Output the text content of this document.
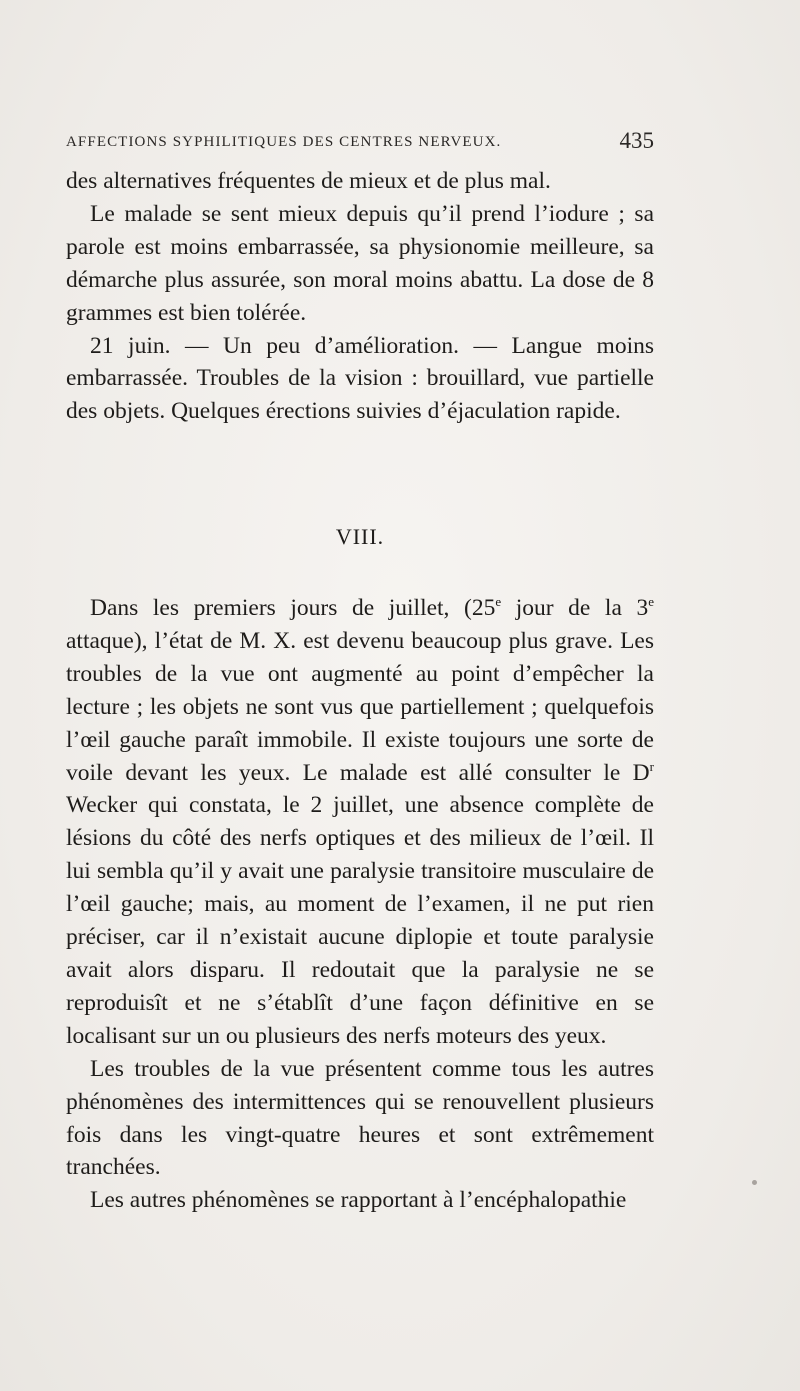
AFFECTIONS SYPHILITIQUES DES CENTRES NERVEUX.	435

des alternatives fréquentes de mieux et de plus mal.

Le malade se sent mieux depuis qu’il prend l’iodure ; sa parole est moins embarrassée, sa physionomie meilleure, sa démarche plus assurée, son moral moins abattu. La dose de 8 grammes est bien tolérée.

21 juin. — Un peu d’amélioration. — Langue moins embarrassée. Troubles de la vision : brouillard, vue partielle des objets. Quelques érections suivies d’éjaculation rapide.

VIII.

Dans les premiers jours de juillet, (25e jour de la 3e attaque), l’état de M. X. est devenu beaucoup plus grave. Les troubles de la vue ont augmenté au point d’empêcher la lecture ; les objets ne sont vus que partiellement ; quelquefois l’œil gauche paraît immobile. Il existe toujours une sorte de voile devant les yeux. Le malade est allé consulter le $D^r$ Wecker qui constata, le 2 juillet, une absence complète de lésions du côté des nerfs optiques et des milieux de l’œil. Il lui sembla qu’il y avait une paralysie transitoire musculaire de l’œil gauche; mais, au moment de l’examen, il ne put rien préciser, car il n’existait aucune diplopie et toute paralysie avait alors disparu. Il redoutait que la paralysie ne se reproduisît et ne s’établît d’une façon définitive en se localisant sur un ou plusieurs des nerfs moteurs des yeux.

Les troubles de la vue présentent comme tous les autres phénomènes des intermittences qui se renouvellent plusieurs fois dans les vingt-quatre heures et sont extrêmement tranchées.

Les autres phénomènes se rapportant à l’encéphalopathie
